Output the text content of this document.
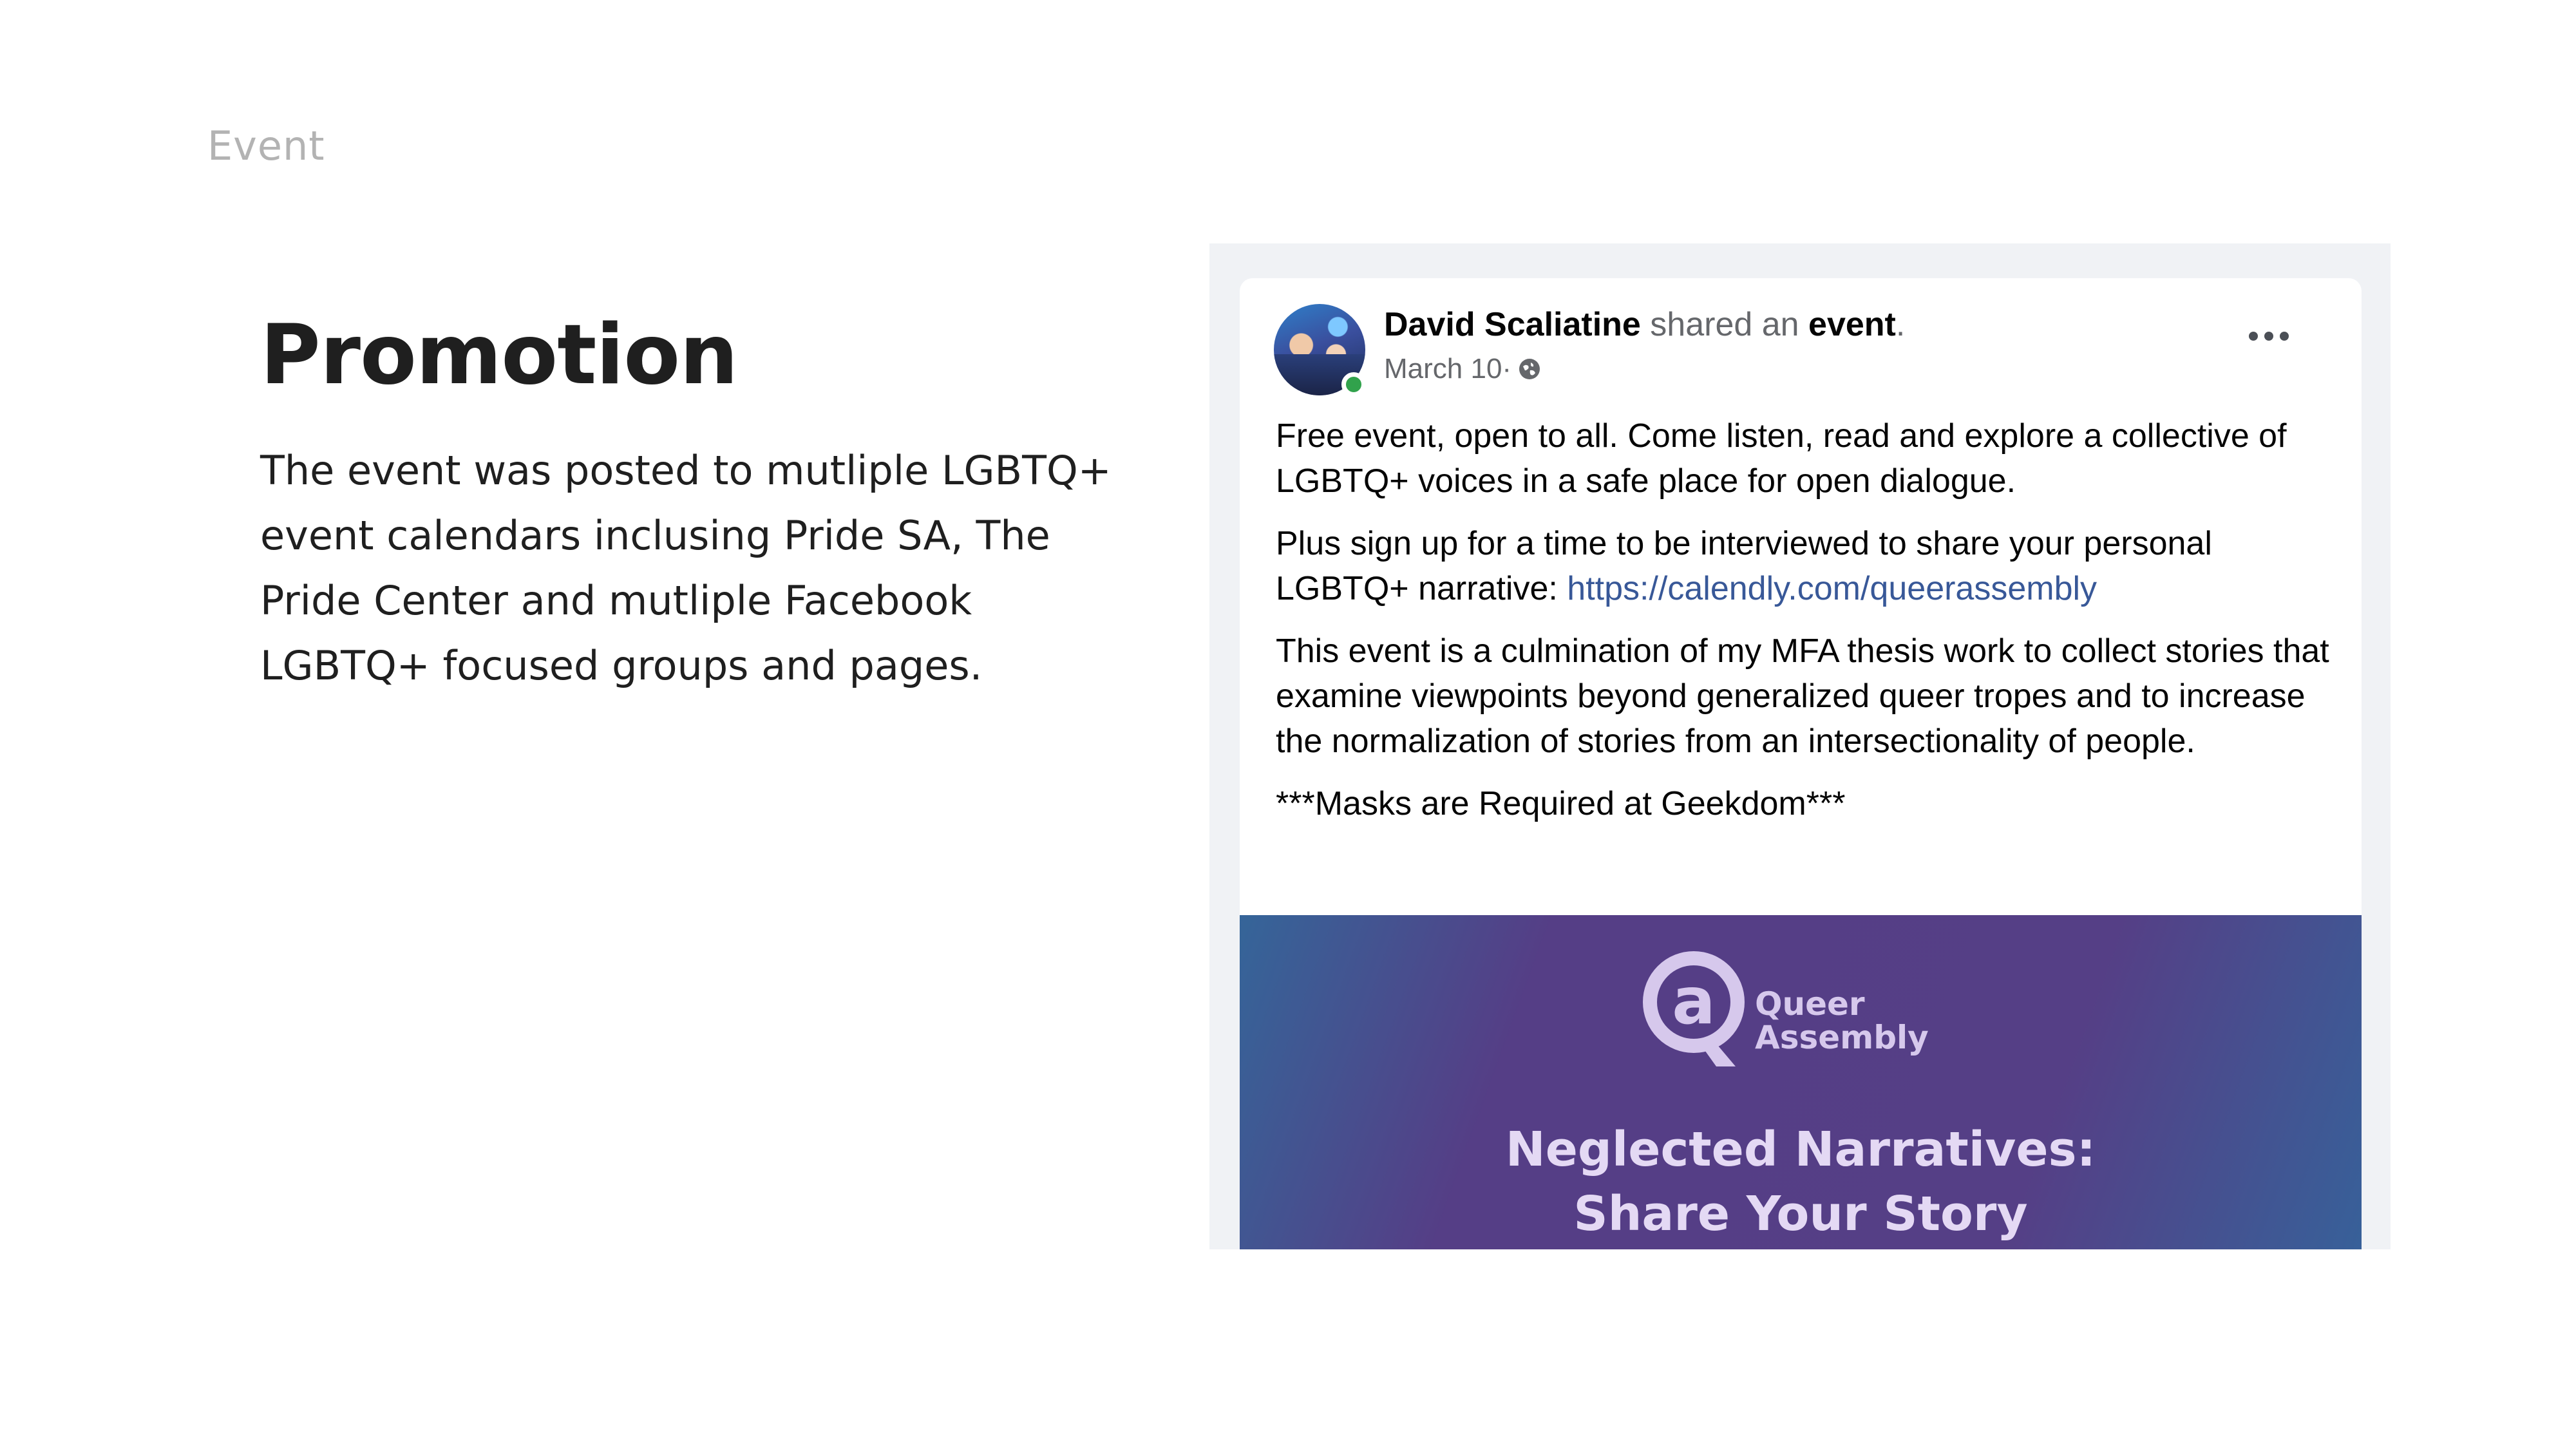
Event
Promotion

The event was posted to mutliple LGBTQ+ event calendars inclusing Pride SA, The Pride Center and mutliple Facebook LGBTQ+ focused groups and pages.

David Scaliatine shared an event.
March 10 ·

Free event, open to all. Come listen, read and explore a collective of LGBTQ+ voices in a safe place for open dialogue.

Plus sign up for a time to be interviewed to share your personal LGBTQ+ narrative: https://calendly.com/queerassembly

This event is a culmination of my MFA thesis work to collect stories that examine viewpoints beyond generalized queer tropes and to increase the normalization of stories from an intersectionality of people.

***Masks are Required at Geekdom***

a Queer
Assembly
Neglected Narratives:
Share Your Story
